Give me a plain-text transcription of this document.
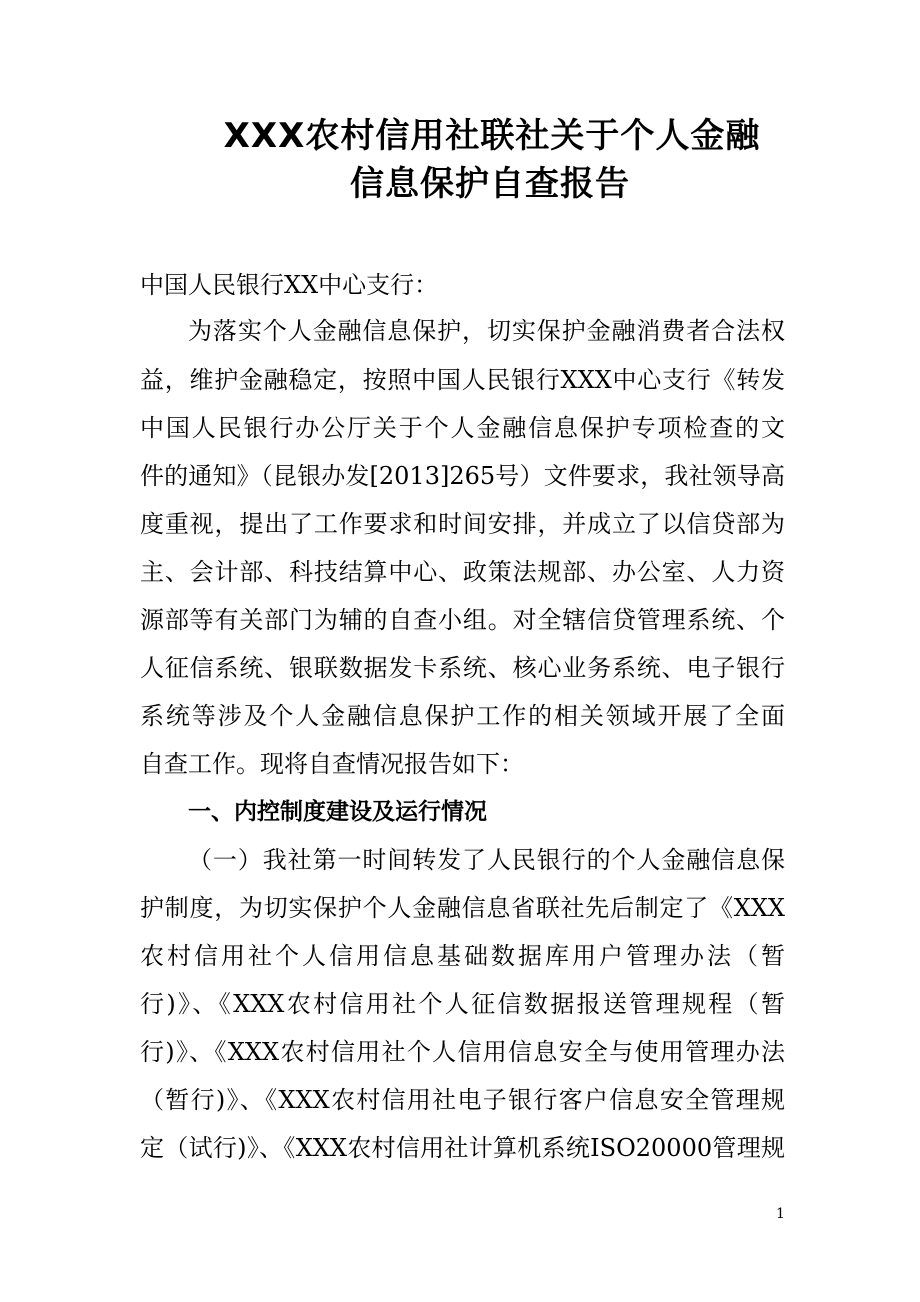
XXX农村信用社联社关于个人金融
信息保护自查报告
中国人民银行XX中心支行：
为落实个人金融信息保护，切实保护金融消费者合法权
益，维护金融稳定，按照中国人民银行XXX中心支行《转发
中国人民银行办公厅关于个人金融信息保护专项检查的文
件的通知》（昆银办发[2013]265号）文件要求，我社领导高
度重视，提出了工作要求和时间安排，并成立了以信贷部为
主、会计部、科技结算中心、政策法规部、办公室、人力资
源部等有关部门为辅的自查小组。对全辖信贷管理系统、个
人征信系统、银联数据发卡系统、核心业务系统、电子银行
系统等涉及个人金融信息保护工作的相关领域开展了全面
自查工作。现将自查情况报告如下：
一、内控制度建设及运行情况
（一）我社第一时间转发了人民银行的个人金融信息保
护制度，为切实保护个人金融信息省联社先后制定了《XXX
农村信用社个人信用信息基础数据库用户管理办法（暂
行)》、《XXX农村信用社个人征信数据报送管理规程（暂
行)》、《XXX农村信用社个人信用信息安全与使用管理办法
（暂行)》、《XXX农村信用社电子银行客户信息安全管理规
定（试行)》、《XXX农村信用社计算机系统ISO20000管理规
1
